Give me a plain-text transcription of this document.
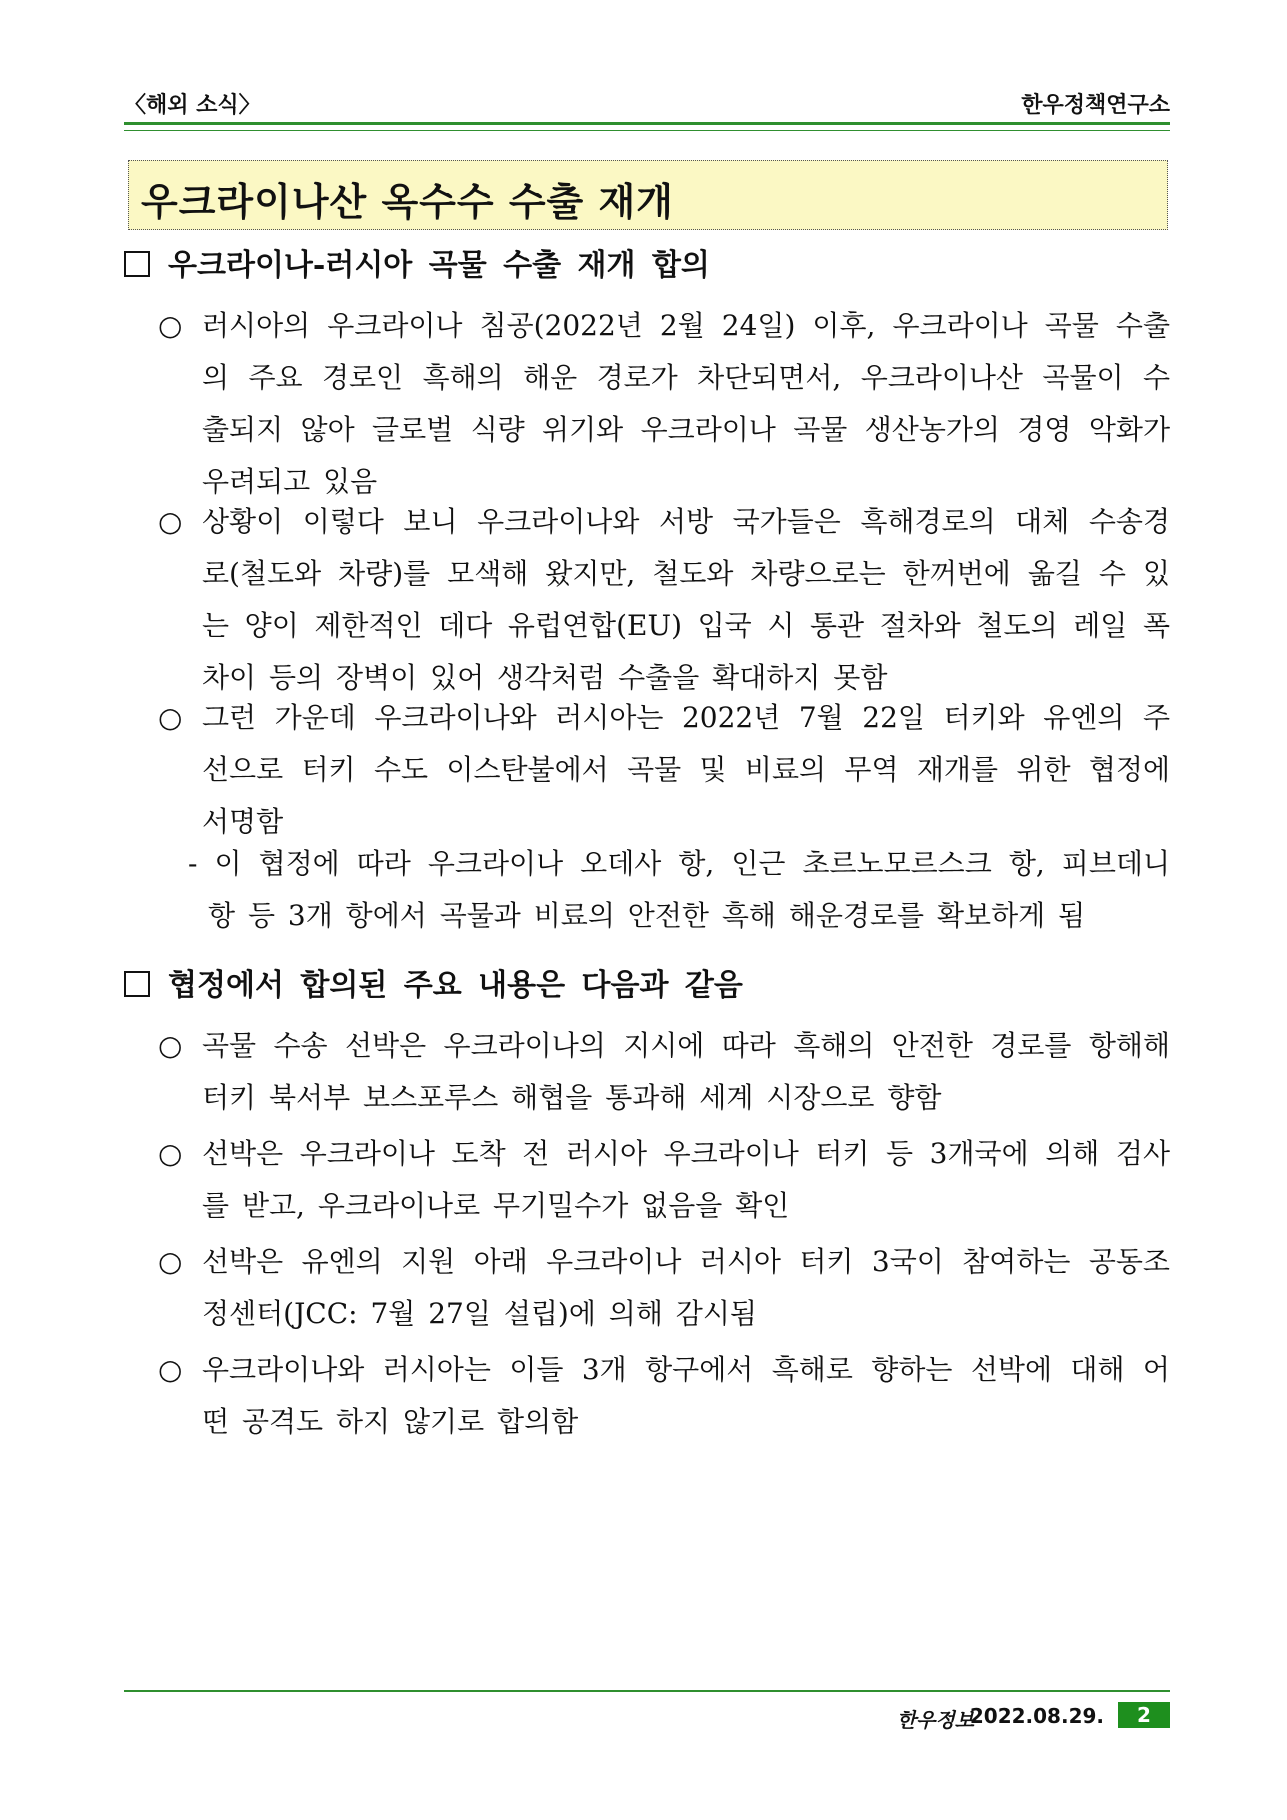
〈해외 소식〉	한우정책연구소
우크라이나산 옥수수 수출 재개
우크라이나-러시아 곡물 수출 재개 합의
○ 러시아의 우크라이나 침공(2022년 2월 24일) 이후, 우크라이나 곡물 수출
의 주요 경로인 흑해의 해운 경로가 차단되면서, 우크라이나산 곡물이 수
출되지 않아 글로벌 식량 위기와 우크라이나 곡물 생산농가의 경영 악화가
우려되고 있음
○ 상황이 이렇다 보니 우크라이나와 서방 국가들은 흑해경로의 대체 수송경
로(철도와 차량)를 모색해 왔지만, 철도와 차량으로는 한꺼번에 옮길 수 있
는 양이 제한적인 데다 유럽연합(EU) 입국 시 통관 절차와 철도의 레일 폭
차이 등의 장벽이 있어 생각처럼 수출을 확대하지 못함
○ 그런 가운데 우크라이나와 러시아는 2022년 7월 22일 터키와 유엔의 주
선으로 터키 수도 이스탄불에서 곡물 및 비료의 무역 재개를 위한 협정에
서명함
- 이 협정에 따라 우크라이나 오데사 항, 인근 초르노모르스크 항, 피브데니
항 등 3개 항에서 곡물과 비료의 안전한 흑해 해운경로를 확보하게 됨
협정에서 합의된 주요 내용은 다음과 같음
○ 곡물 수송 선박은 우크라이나의 지시에 따라 흑해의 안전한 경로를 항해해
터키 북서부 보스포루스 해협을 통과해 세계 시장으로 향함
○ 선박은 우크라이나 도착 전 러시아 우크라이나 터키 등 3개국에 의해 검사
를 받고, 우크라이나로 무기밀수가 없음을 확인
○ 선박은 유엔의 지원 아래 우크라이나 러시아 터키 3국이 참여하는 공동조
정센터(JCC: 7월 27일 설립)에 의해 감시됨
○ 우크라이나와 러시아는 이들 3개 항구에서 흑해로 향하는 선박에 대해 어
떤 공격도 하지 않기로 합의함
한우정보
2022.08.29.	2
